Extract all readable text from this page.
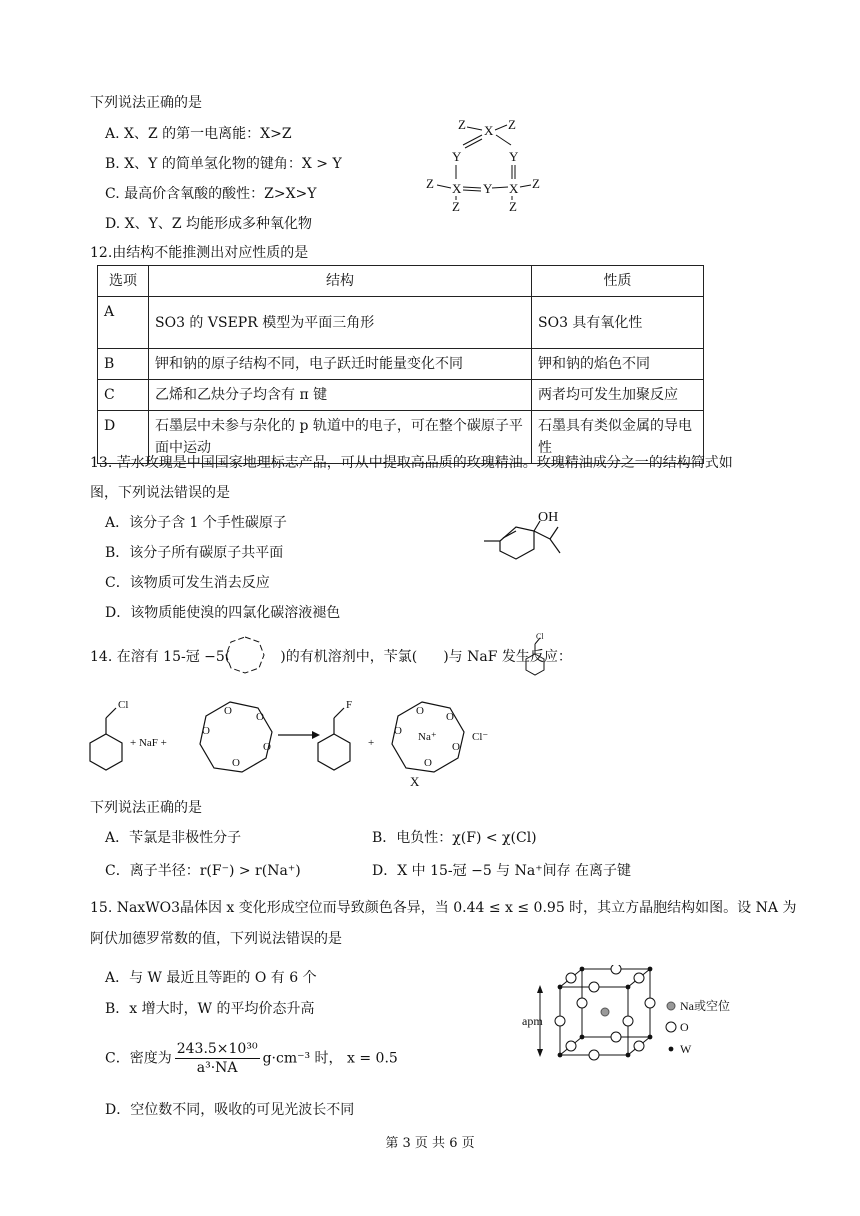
下列说法正确的是
A. X、Z 的第一电离能：X>Z
B. X、Y 的简单氢化物的键角：X > Y
C. 最高价含氧酸的酸性：Z>X>Y
D. X、Y、Z 均能形成多种氧化物
X
Z	Z
Y	Y
X	X
Y
Z	Z
Z	Z
12.由结构不能推测出对应性质的是
选项	结构	性质
A	SO3 的 VSEPR 模型为平面三角形	SO3 具有氧化性
B	钾和钠的原子结构不同，电子跃迁时能量变化不同	钾和钠的焰色不同
C	乙烯和乙炔分子均含有 π 键	两者均可发生加聚反应
D	石墨层中未参与杂化的 p 轨道中的电子，可在整个碳原子平面中运动	石墨具有类似金属的导电性
13. 苦水玫瑰是中国国家地理标志产品，可从中提取高品质的玫瑰精油。玫瑰精油成分之一的结构简式如
图，下列说法错误的是
A．该分子含 1 个手性碳原子
B．该分子所有碳原子共平面
C．该物质可发生消去反应
D．该物质能使溴的四氯化碳溶液褪色
OH
14. 在溶有 15-冠 −5(	)的有机溶剂中，苄氯( )与 NaF 发生反应：
Cl
Cl
+ NaF +
O O
O
O
O
F
+
O O
O
O
O Na⁺	Cl⁻
X
下列说法正确的是
A．苄氯是非极性分子	B．电负性：χ(F) < χ(Cl)
C．离子半径：r(F⁻) > r(Na⁺)	D．X 中 15-冠 −5 与 Na⁺间存 在离子键
15. NaxWO3晶体因 x 变化形成空位而导致颜色各异，当 0.44 ≤ x ≤ 0.95 时，其立方晶胞结构如图。设 NA 为
阿伏加德罗常数的值，下列说法错误的是
A．与 W 最近且等距的 O 有 6 个
B．x 增大时，W 的平均价态升高
C．密度为 $\frac{\text{243.5×10³⁰}}{\text{a³·NA}} g\cdot cm^{-3}$ 时， x = 0.5
D．空位数不同，吸收的可见光波长不同
apm
Na或空位
O
W
第 3 页 共 6 页
